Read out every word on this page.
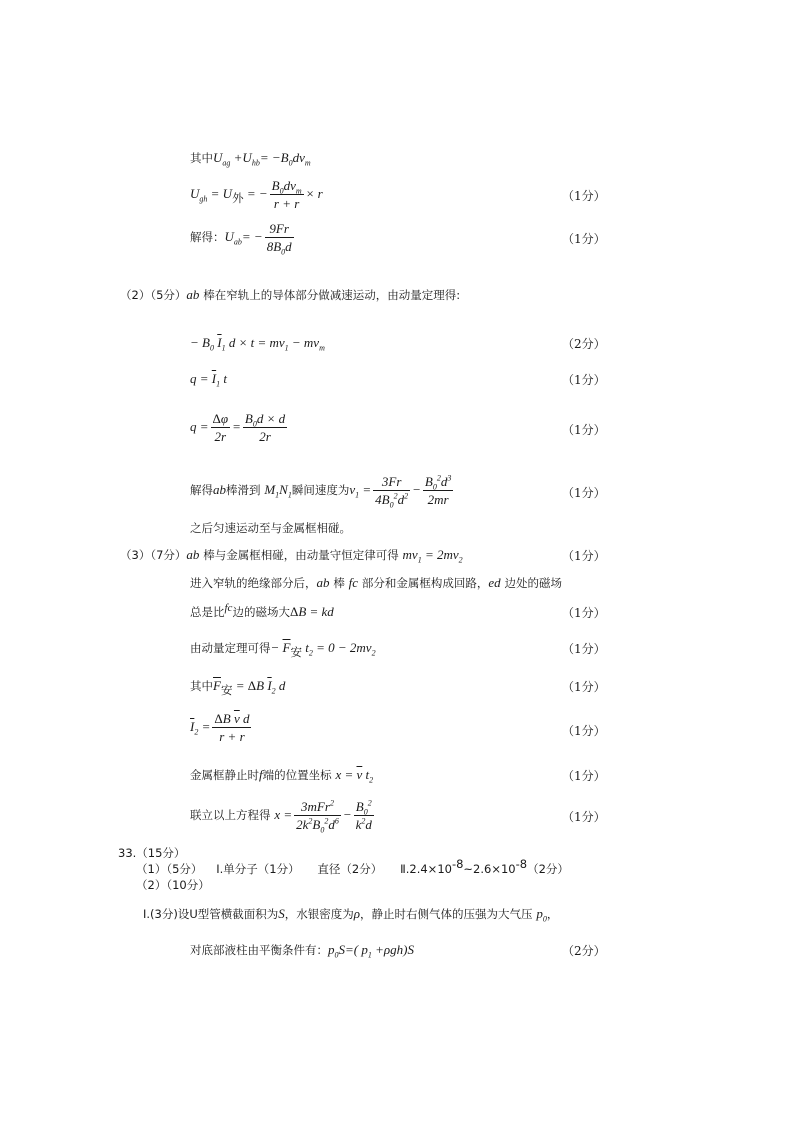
其中$U_{ag} +U_{hb}= -B_0dv_m$
$U_{gh} = U_外$ = − $\frac{B_0dv_m}{r + r} \times r$	（1分）
解得：$U_{ab}= - \frac{9Fr}{8B_0d}$	（1分）
（2）（5分）ab 棒在窄轨上的导体部分做减速运动，由动量定理得:
− $B_0$ $\overline{I}_1$ $d \times t = mv_1 - mv_m$	（2分）
$q = \overline{I}_1$ t	（1分）
$q = \frac{\Delta\varphi}{2r} = \frac{B_0d \times d}{2r}$	（1分）
解得ab棒滑到 $M_1N_1$瞬间速度为$v_1 = \frac{3Fr}{4B_0^2d^2} - \frac{B_0^2d^3}{2mr}$	（1分）
之后匀速运动至与金属框相碰。
（3）（7分）ab 棒与金属框相碰，由动量守恒定律可得 $mv_1 = 2mv_2$	（1分）
进入窄轨的绝缘部分后，ab 棒 fc 部分和金属框构成回路，ed 边处的磁场
总是比$^{fc}$边的磁场大ΔB = kd	（1分）
由动量定理可得− $\overline{F}_安$ $t_2 = 0 - 2mv_2$	（1分）
其中$\overline{F}_安 = \Delta B$ $\overline{I}_2$ d	（1分）
$\overline{I}_2 = \frac{\Delta B \overline{v} d}{r + r}$	（1分）
金属框静止时f端的位置坐标 $x = \overline{v}$ $t_2$	（1分）
联立以上方程得 $x = \frac{3mFr^2}{2k^2B_0^2d^6} - \frac{B_0^2}{k^2d}$	（1分）
33.（15分）
（1）（5分） Ⅰ.单分子（1分） 直径（2分） $Ⅱ.2.4\times 10^{-8}\sim 2.6\times 10^{-8}(2$分）
（2）（10分）
Ⅰ.(3分)设U型管横截面积为S，水银密度为ρ，静止时右侧气体的压强为大气压 $p_0$，
对底部液柱由平衡条件有：$p_0S=$( $p_1 +\rho gh)S$	（2分）
